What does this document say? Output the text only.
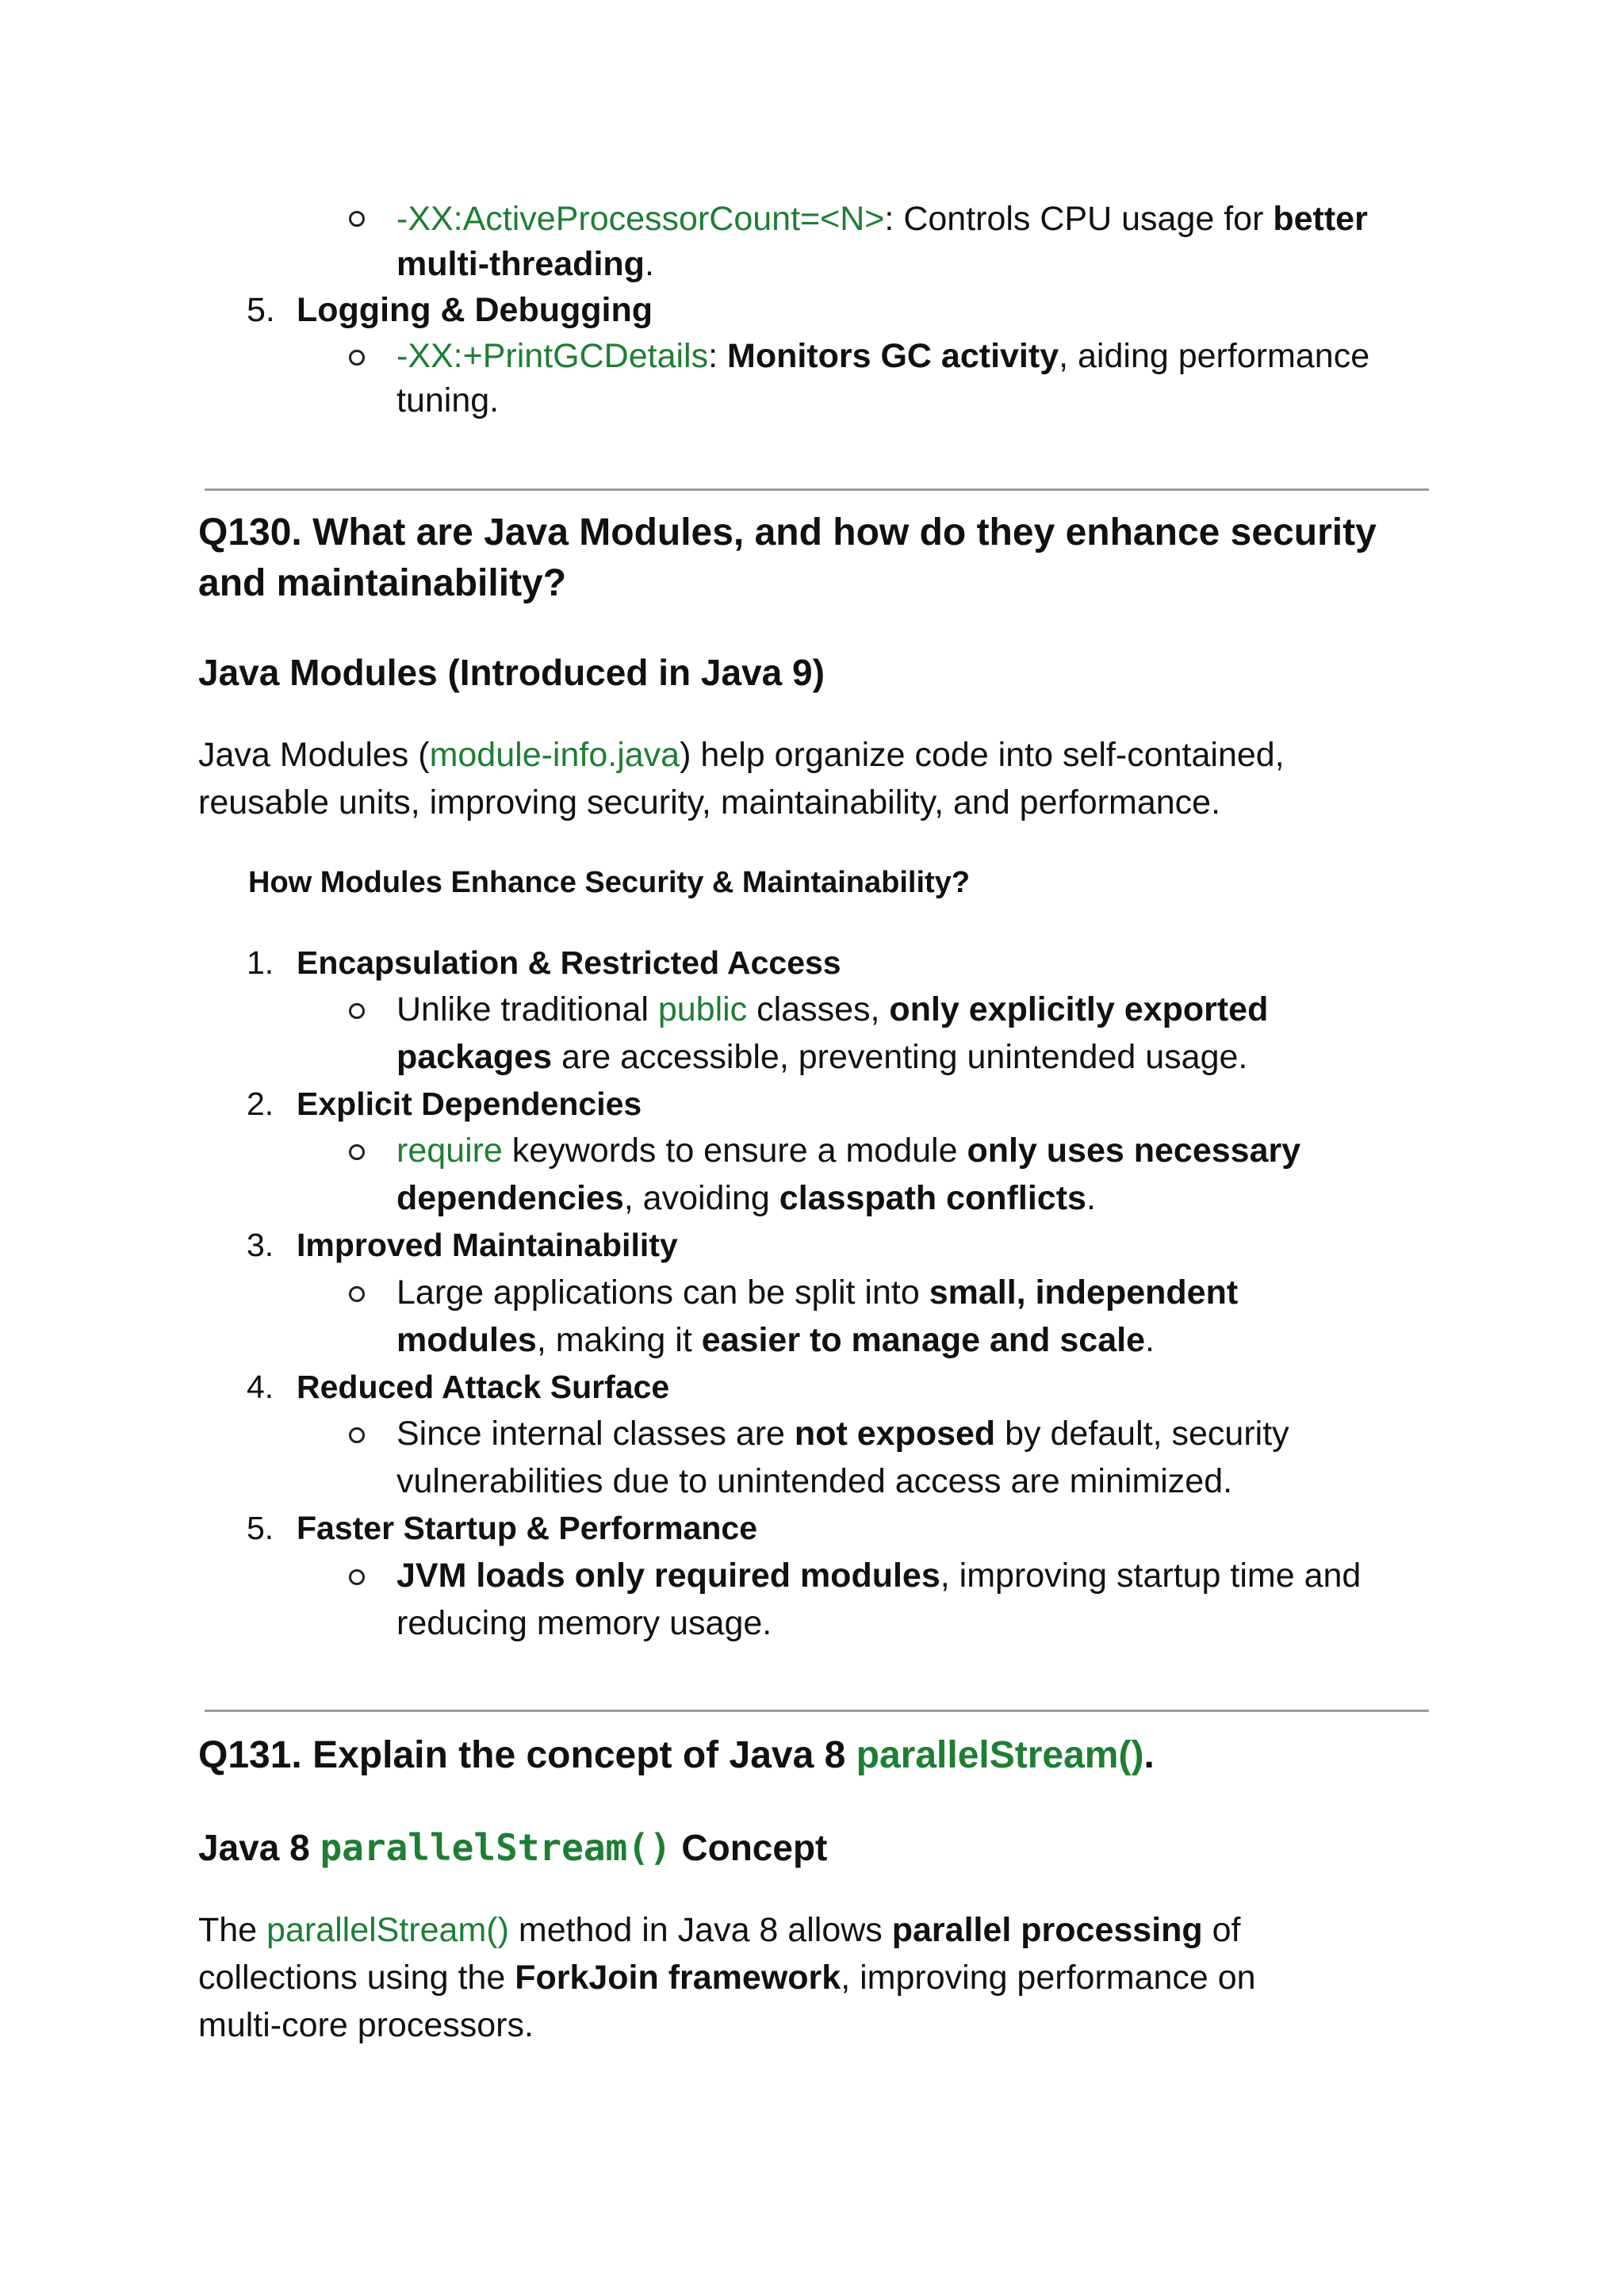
-XX:ActiveProcessorCount=<N>: Controls CPU usage for better
multi-threading.
5. Logging & Debugging
-XX:+PrintGCDetails: Monitors GC activity, aiding performance
tuning.
Q130. What are Java Modules, and how do they enhance security
and maintainability?
Java Modules (Introduced in Java 9)
Java Modules (module-info.java) help organize code into self-contained,
reusable units, improving security, maintainability, and performance.
How Modules Enhance Security & Maintainability?
1. Encapsulation & Restricted Access
Unlike traditional public classes, only explicitly exported
packages are accessible, preventing unintended usage.
2. Explicit Dependencies
require keywords to ensure a module only uses necessary
dependencies, avoiding classpath conflicts.
3. Improved Maintainability
Large applications can be split into small, independent
modules, making it easier to manage and scale.
4. Reduced Attack Surface
Since internal classes are not exposed by default, security
vulnerabilities due to unintended access are minimized.
5. Faster Startup & Performance
JVM loads only required modules, improving startup time and
reducing memory usage.
Q131. Explain the concept of Java 8 parallelStream().
Java 8 parallelStream() Concept
The parallelStream() method in Java 8 allows parallel processing of
collections using the ForkJoin framework, improving performance on
multi-core processors.
